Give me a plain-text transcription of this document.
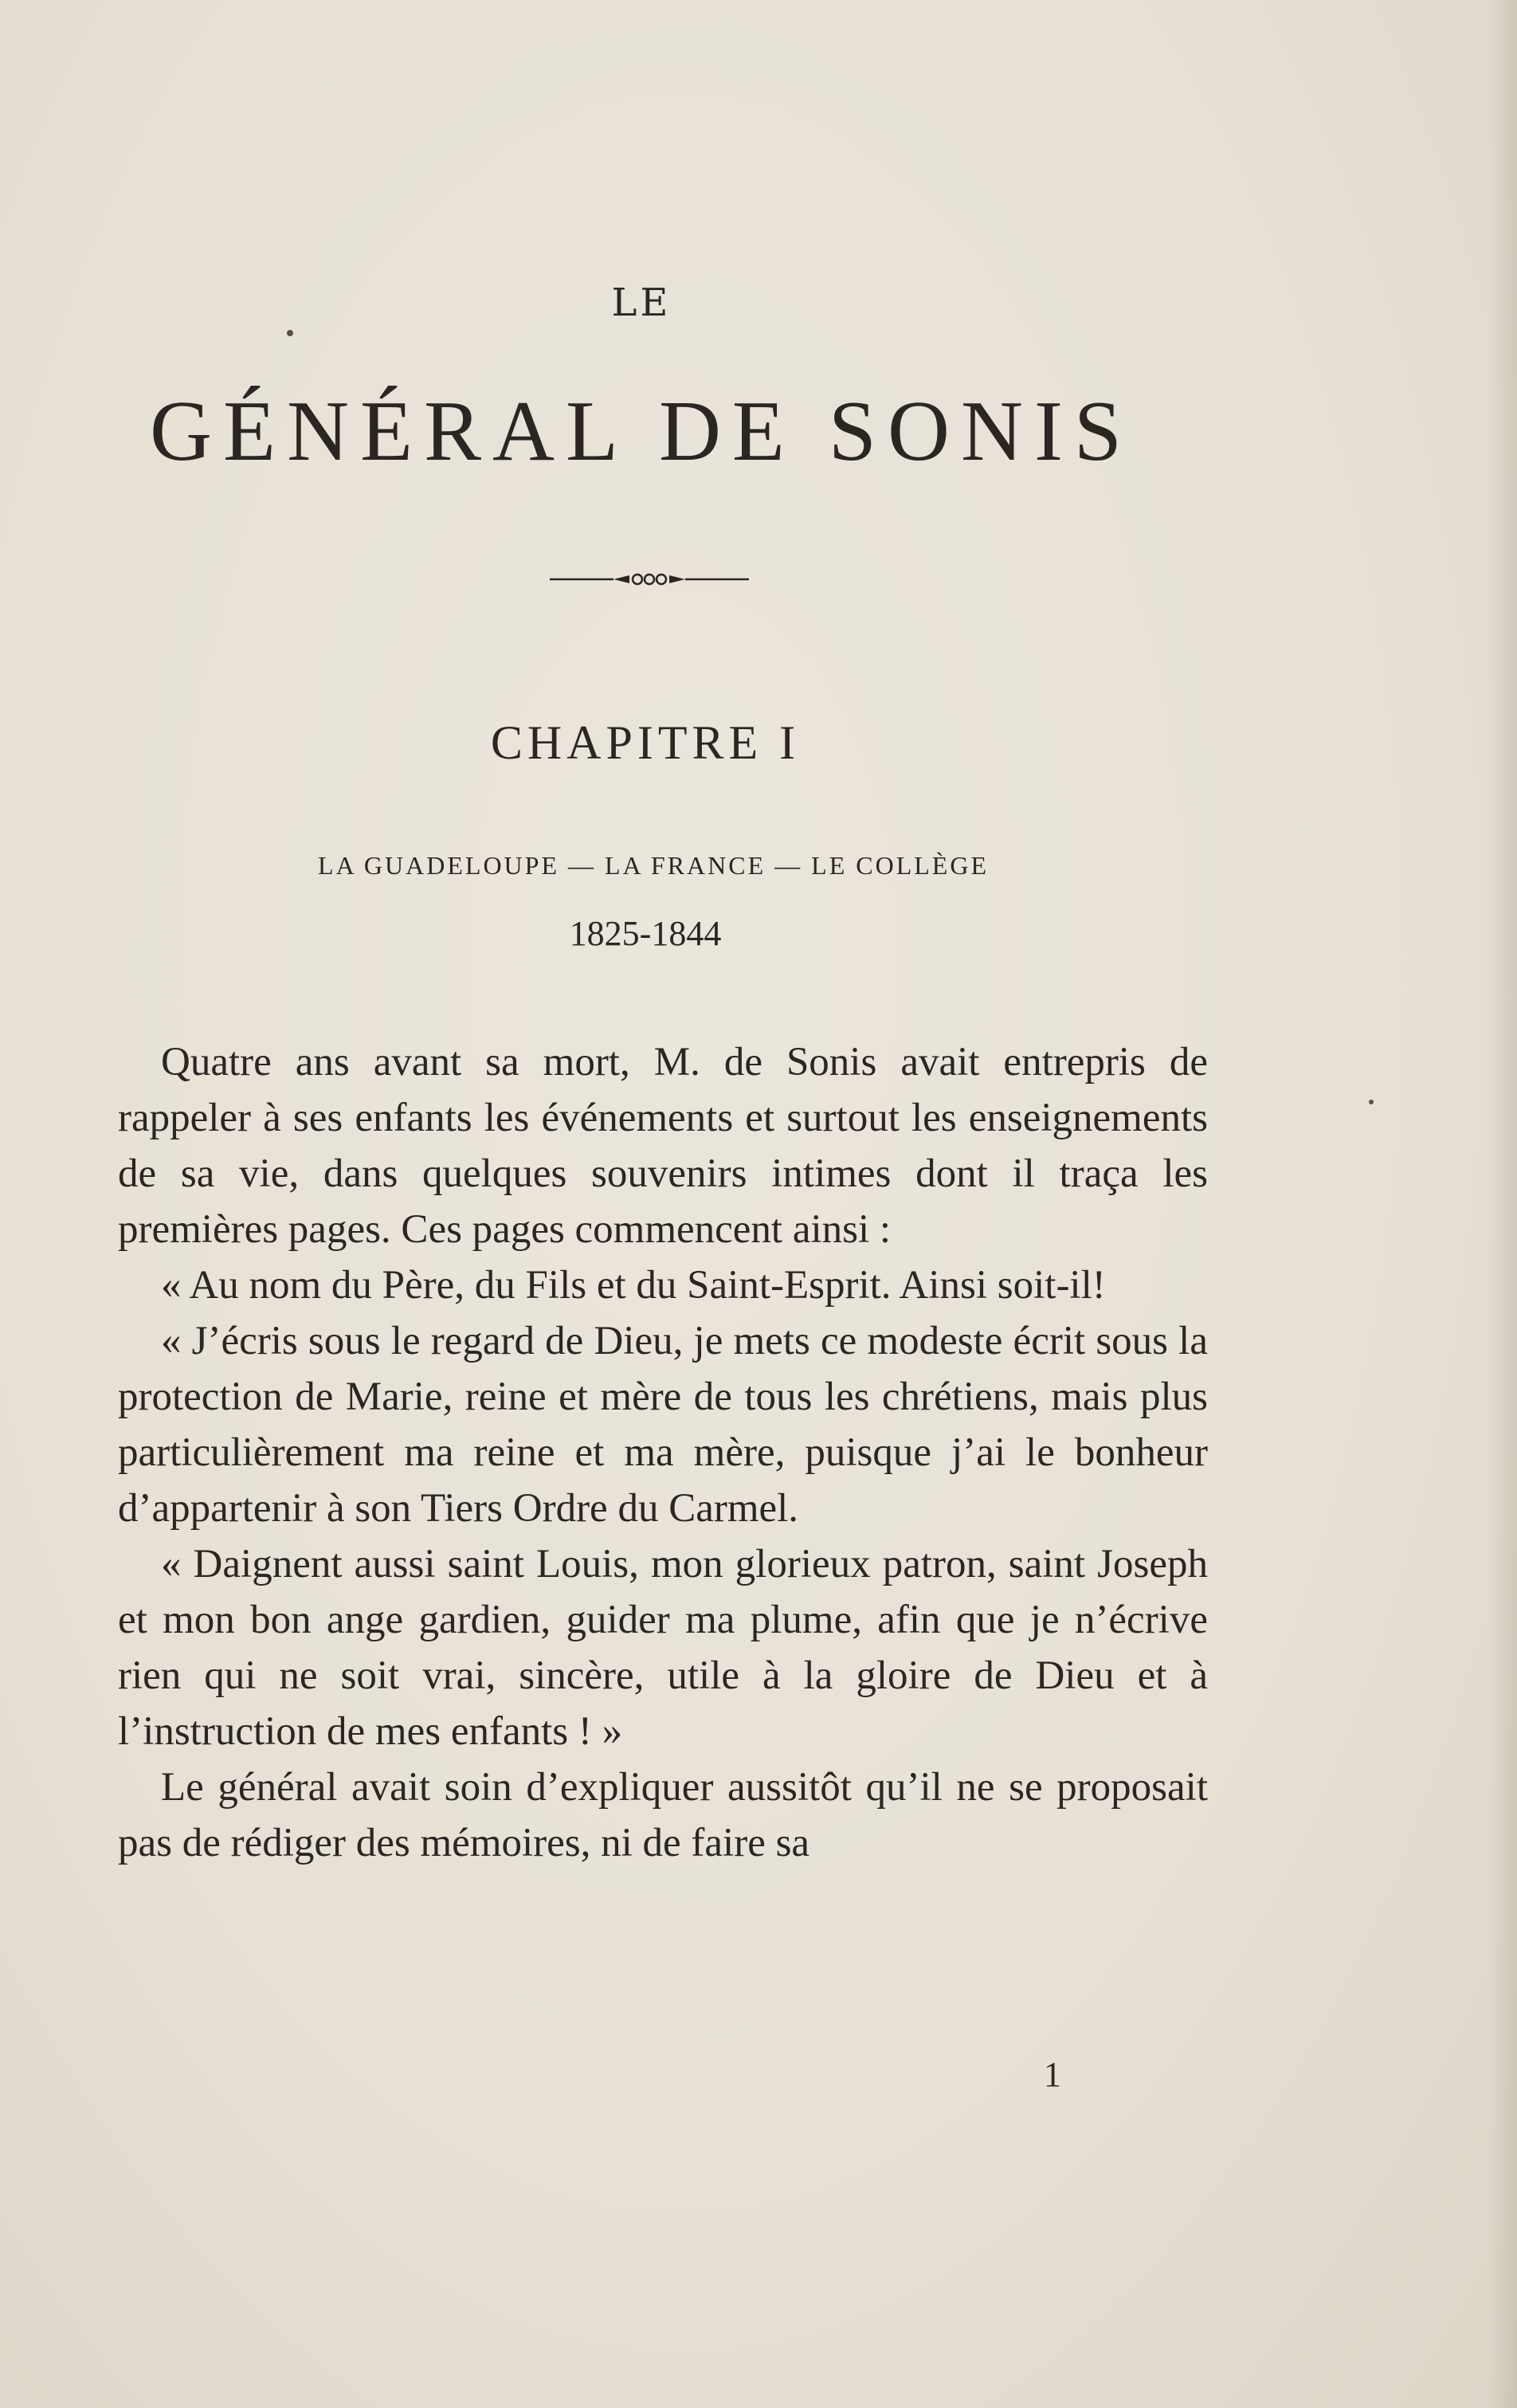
LE
GÉNÉRAL DE SONIS
CHAPITRE I
LA GUADELOUPE — LA FRANCE — LE COLLÈGE
1825-1844

Quatre ans avant sa mort, M. de Sonis avait entrepris de rappeler à ses enfants les événements et surtout les enseignements de sa vie, dans quelques souvenirs intimes dont il traça les premières pages. Ces pages commencent ainsi :

« Au nom du Père, du Fils et du Saint-Esprit. Ainsi soit-il!

« J’écris sous le regard de Dieu, je mets ce modeste écrit sous la protection de Marie, reine et mère de tous les chrétiens, mais plus particulièrement ma reine et ma mère, puisque j’ai le bonheur d’appartenir à son Tiers Ordre du Carmel.

« Daignent aussi saint Louis, mon glorieux patron, saint Joseph et mon bon ange gardien, guider ma plume, afin que je n’écrive rien qui ne soit vrai, sincère, utile à la gloire de Dieu et à l’instruction de mes enfants ! »

Le général avait soin d’expliquer aussitôt qu’il ne se proposait pas de rédiger des mémoires, ni de faire sa

1
